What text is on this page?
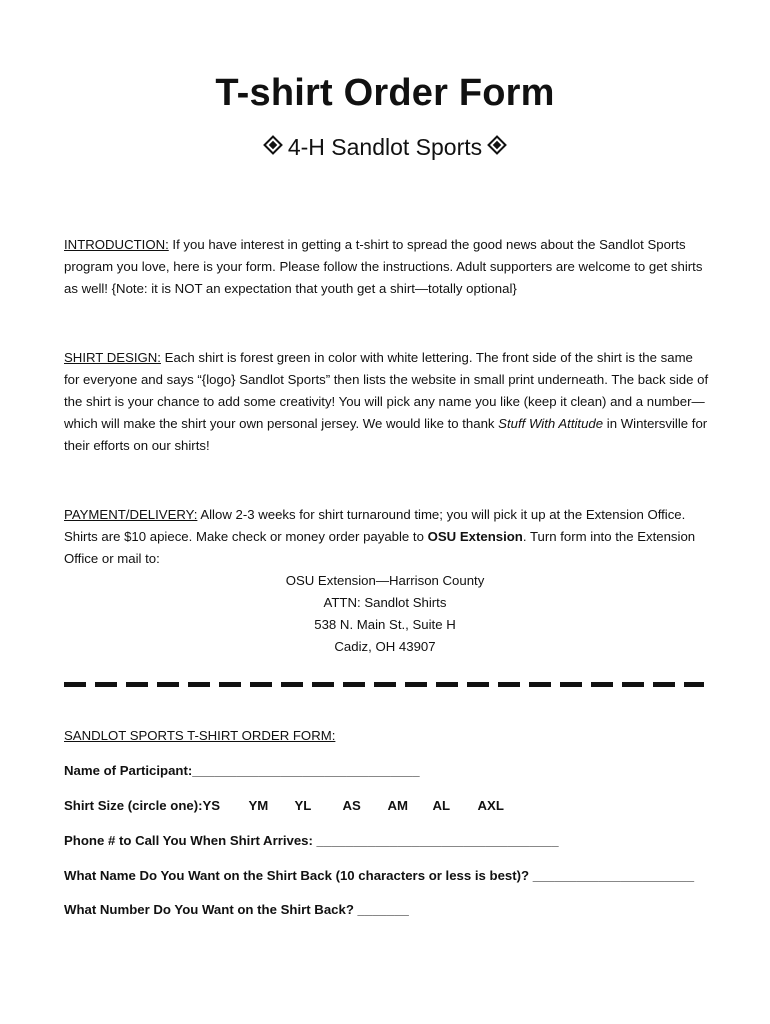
T-shirt Order Form
4-H Sandlot Sports
INTRODUCTION: If you have interest in getting a t-shirt to spread the good news about the Sandlot Sports program you love, here is your form. Please follow the instructions. Adult supporters are welcome to get shirts as well! {Note: it is NOT an expectation that youth get a shirt—totally optional}
SHIRT DESIGN: Each shirt is forest green in color with white lettering. The front side of the shirt is the same for everyone and says “{logo} Sandlot Sports” then lists the website in small print underneath. The back side of the shirt is your chance to add some creativity! You will pick any name you like (keep it clean) and a number—which will make the shirt your own personal jersey. We would like to thank Stuff With Attitude in Wintersville for their efforts on our shirts!
PAYMENT/DELIVERY: Allow 2-3 weeks for shirt turnaround time; you will pick it up at the Extension Office. Shirts are $10 apiece. Make check or money order payable to OSU Extension. Turn form into the Extension Office or mail to:
OSU Extension—Harrison County
ATTN: Sandlot Shirts
538 N. Main St., Suite H
Cadiz, OH 43907
SANDLOT SPORTS T-SHIRT ORDER FORM:
Name of Participant:_______________________________
Shirt Size (circle one):YS YM YL AS AM AL AXL
Phone # to Call You When Shirt Arrives: _________________________________
What Name Do You Want on the Shirt Back (10 characters or less is best)? ______________________
What Number Do You Want on the Shirt Back? _______
